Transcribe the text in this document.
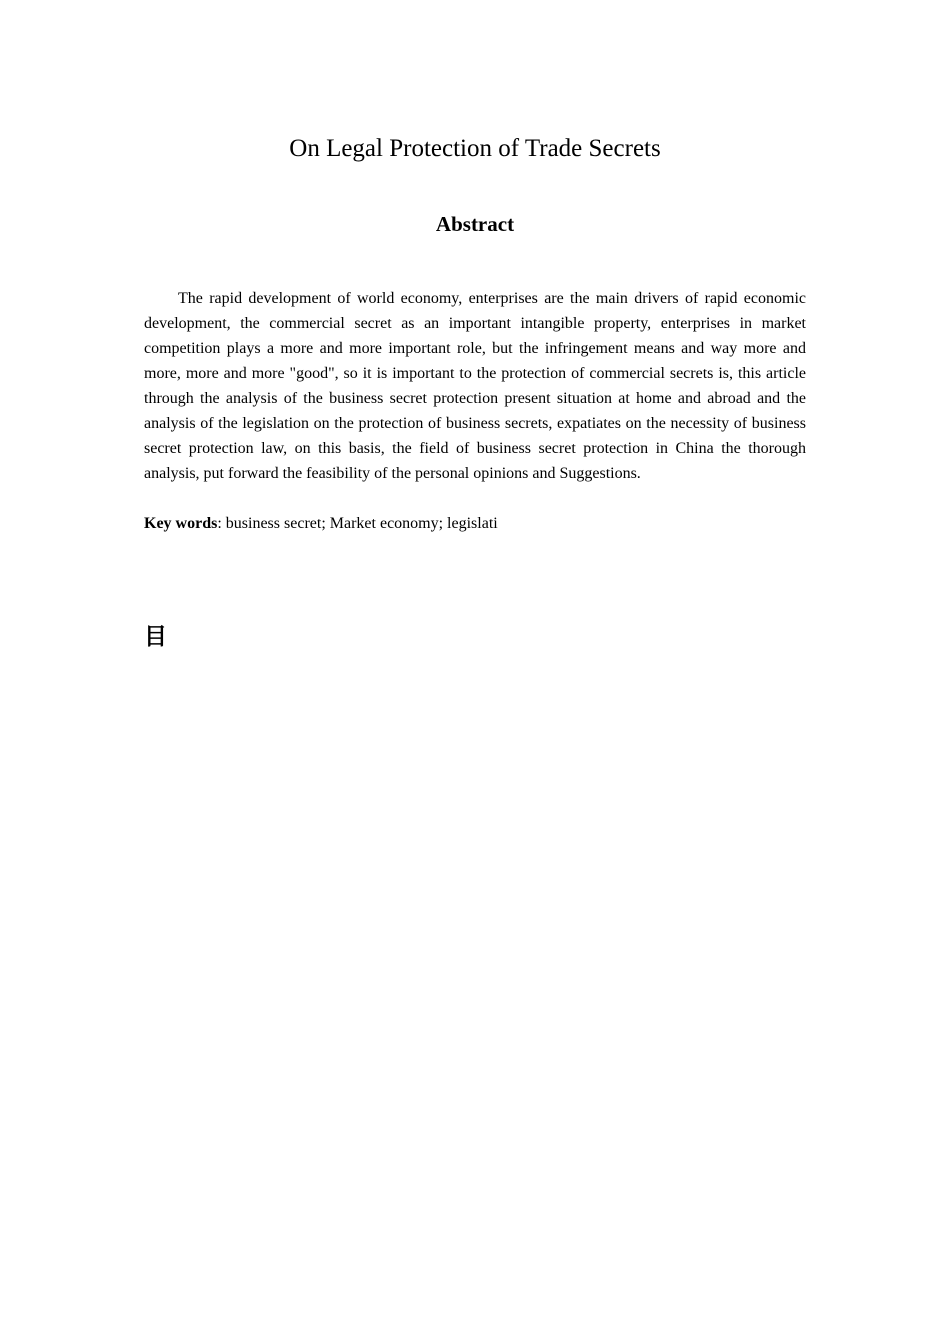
On Legal Protection of Trade Secrets
Abstract

The rapid development of world economy, enterprises are the main drivers of rapid economic development, the commercial secret as an important intangible property, enterprises in market competition plays a more and more important role, but the infringement means and way more and more, more and more "good", so it is important to the protection of commercial secrets is, this article through the analysis of the business secret protection present situation at home and abroad and the analysis of the legislation on the protection of business secrets, expatiates on the necessity of business secret protection law, on this basis, the field of business secret protection in China the thorough analysis, put forward the feasibility of the personal opinions and Suggestions.

Key words: business secret; Market economy; legislati

目
